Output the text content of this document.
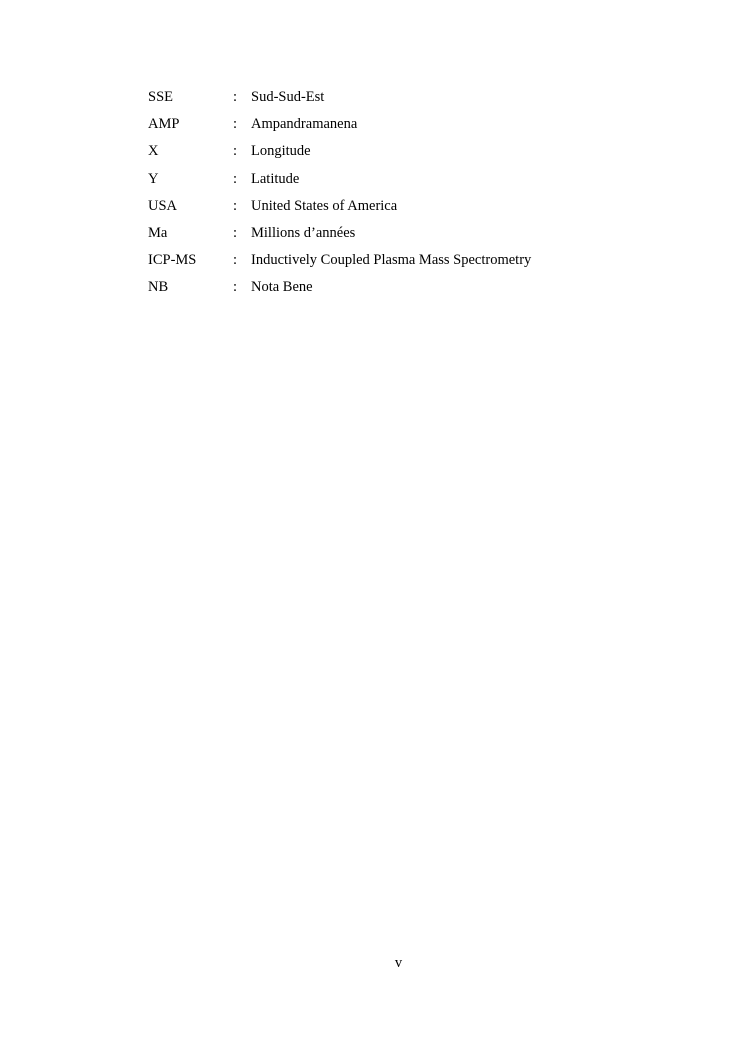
SSE	: Sud-Sud-Est
AMP	: Ampandramanena
X	: Longitude
Y	: Latitude
USA	: United States of America
Ma	: Millions d’années
ICP-MS	: Inductively Coupled Plasma Mass Spectrometry
NB	: Nota Bene
v
